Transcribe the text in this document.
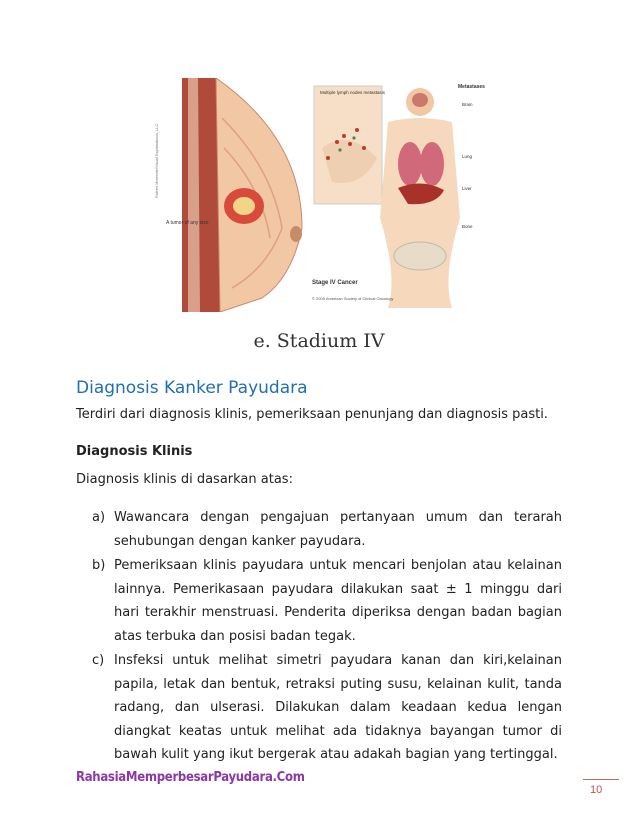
A tumor of any size
Robert Morreale/Visual Explanations, LLC
Multiple lymph nodes metastasis
Metastases
Brain
Lung
Liver
Bone
Stage IV Cancer
© 2005 American Society of Clinical Oncology
e. Stadium IV
Diagnosis Kanker Payudara
Terdiri dari diagnosis klinis, pemeriksaan penunjang dan diagnosis pasti.
Diagnosis Klinis
Diagnosis klinis di dasarkan atas:
a) Wawancara dengan pengajuan pertanyaan umum dan terarah sehubungan dengan kanker payudara.
b) Pemeriksaan klinis payudara untuk mencari benjolan atau kelainan lainnya. Pemerikasaan payudara dilakukan saat ± 1 minggu dari hari terakhir menstruasi. Penderita diperiksa dengan badan bagian atas terbuka dan posisi badan tegak.
c) Insfeksi untuk melihat simetri payudara kanan dan kiri,kelainan papila, letak dan bentuk, retraksi puting susu, kelainan kulit, tanda radang, dan ulserasi. Dilakukan dalam keadaan kedua lengan diangkat keatas untuk melihat ada tidaknya bayangan tumor di bawah kulit yang ikut bergerak atau adakah bagian yang tertinggal.
RahasiaMemperbesarPayudara.Com
10
